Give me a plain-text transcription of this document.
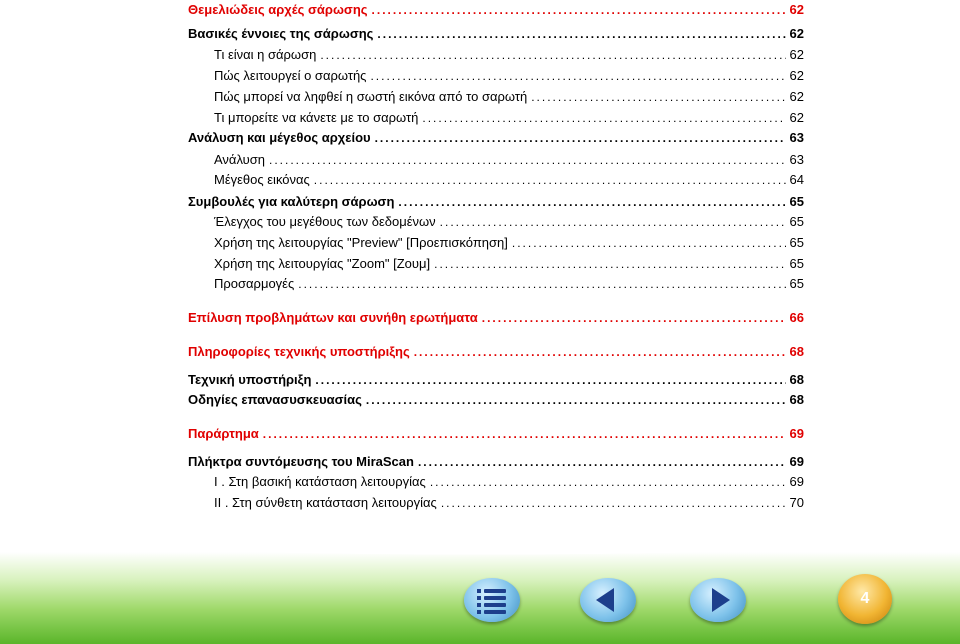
Θεμελιώδεις αρχές σάρωσης .....	62
Βασικές έννοιες της σάρωσης .....	62
Τι είναι η σάρωση .....	62
Πώς λειτουργεί ο σαρωτής .....	62
Πώς μπορεί να ληφθεί η σωστή εικόνα από το σαρωτή .....	62
Τι μπορείτε να κάνετε με το σαρωτή .....	62
Ανάλυση και μέγεθος αρχείου .....	63
Ανάλυση .....	63
Μέγεθος εικόνας .....	64
Συμβουλές για καλύτερη σάρωση .....	65
Έλεγχος του μεγέθους των δεδομένων .....	65
Χρήση της λειτουργίας "Preview" [Προεπισκόπηση] .....	65
Χρήση της λειτουργίας "Zoom" [Ζουμ] .....	65
Προσαρμογές .....	65
Επίλυση προβλημάτων και συνήθη ερωτήματα .....	66
Πληροφορίες τεχνικής υποστήριξης .....	68
Τεχνική υποστήριξη .....	68
Οδηγίες επανασυσκευασίας .....	68
Παράρτημα .....	69
Πλήκτρα συντόμευσης του MiraScan .....	69
I . Στη βασική κατάσταση λειτουργίας .....	69
II . Στη σύνθετη κατάσταση λειτουργίας .....	70
4
